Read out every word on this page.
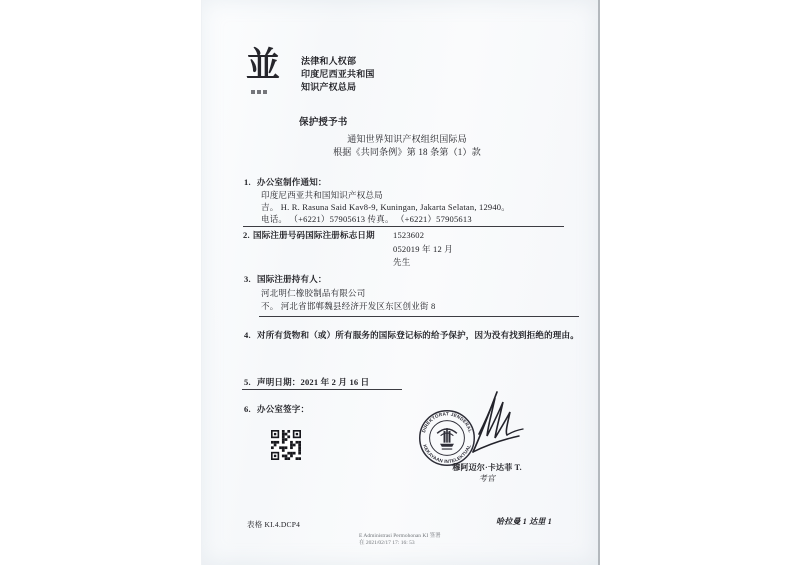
並 法律和人权部
印度尼西亚共和国
知识产权总局
保护授予书
通知世界知识产权组织国际局
根据《共同条例》第 18 条第（1）款
1. 办公室制作通知：
印度尼西亚共和国知识产权总局
吉。 H. R. Rasuna Said Kav8-9, Kuningan, Jakarta Selatan, 12940。
电话。 （+6221）57905613 传真。 （+6221）57905613
2. 国际注册号码国际注册标志日期 1523602
052019 年 12 月
先生
3. 国际注册持有人：
河北明仁橡胶制品有限公司
不。 河北省邯郸魏县经济开发区东区创业街 8
4. 对所有货物和（或）所有服务的国际登记标的给予保护，因为没有找到拒绝的理由。
5. 声明日期：2021 年 2 月 16 日
6. 办公室签字：
DIREKTORAT JENDERAL
KEKAYAAN INTELEKTUAL
穆阿迈尔·卡达菲 T.
考官
表格 KI.4.DCP4	哈拉曼 1 达里 1
E Administrasi Permohonan KI 签署
在 2021/02/17 17: 16: 53
